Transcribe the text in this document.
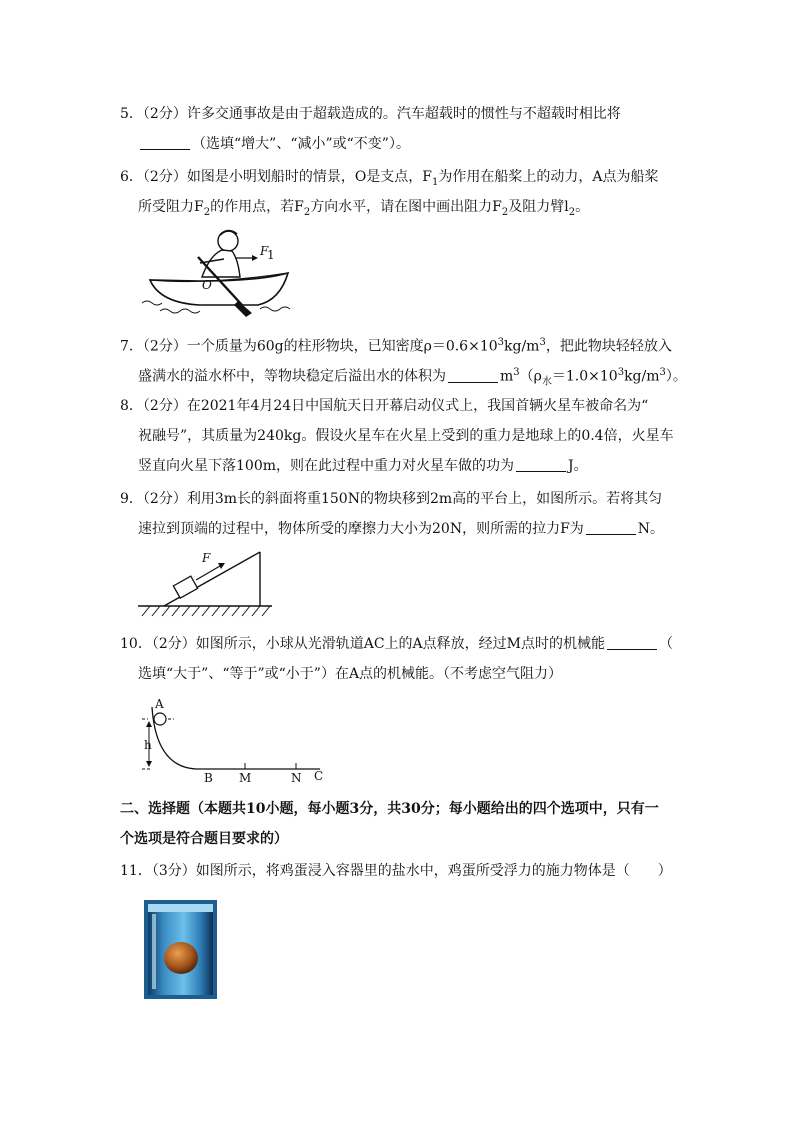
5．（2分）许多交通事故是由于超载造成的。汽车超载时的惯性与不超载时相比将
（选填“增大”、“减小”或“不变”）。
6．（2分）如图是小明划船时的情景，O是支点，$F_1$为作用在船桨上的动力，A点为船桨
所受阻力$F_2$的作用点，若$F_2$方向水平，请在图中画出阻力$F_2$及阻力臂$l_2$。
F
1
O
7．（2分）一个质量为60g的柱形物块，已知密度$\rho=0.6\times 10^3kg/m^3$，把此物块轻轻放入
盛满水的溢水杯中，等物块稳定后溢出水的体积为	$m^3(\rho_水=1.0\times 10^3kg/m^3)$。
8．（2分）在2021年4月24日中国航天日开幕启动仪式上，我国首辆火星车被命名为“
祝融号”，其质量为240kg。假设火星车在火星上受到的重力是地球上的0.4倍，火星车
竖直向火星下落100m，则在此过程中重力对火星车做的功为	J。
9．（2分）利用3m长的斜面将重150N的物块移到2m高的平台上，如图所示。若将其匀
速拉到顶端的过程中，物体所受的摩擦力大小为20N，则所需的拉力F为	N。
F
10．（2分）如图所示，小球从光滑轨道AC上的A点释放，经过M点时的机械能	（
选填“大于”、“等于”或“小于”）在A点的机械能。（不考虑空气阻力）
A
h
B M	N C
二、选择题（本题共10小题，每小题3分，共30分；每小题给出的四个选项中，只有一
个选项是符合题目要求的）
11．（3分）如图所示，将鸡蛋浸入容器里的盐水中，鸡蛋所受浮力的施力物体是（　　）
